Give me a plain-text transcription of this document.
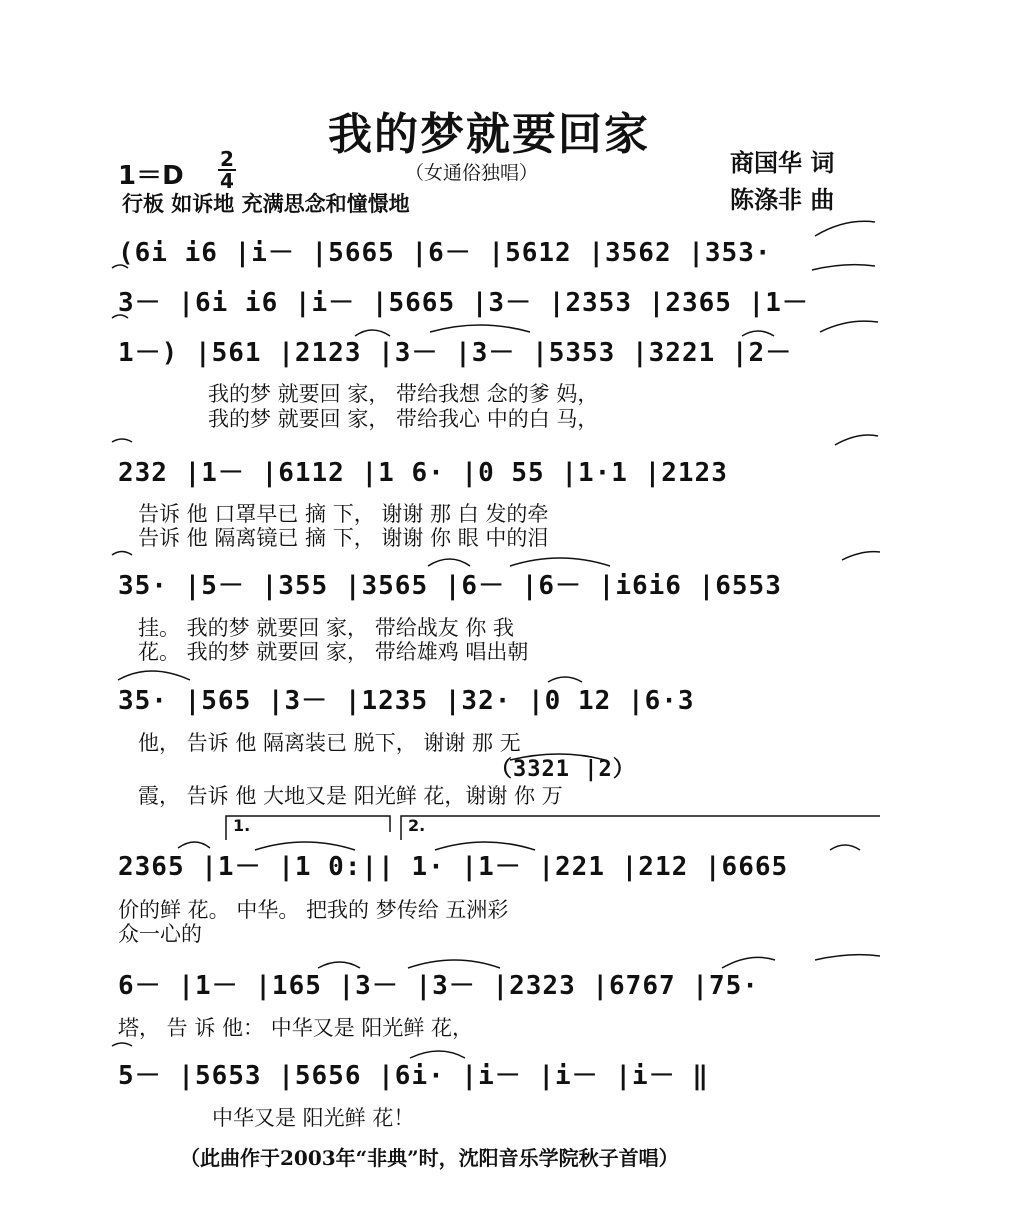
我的梦就要回家
（女通俗独唱）	商国华 词
陈涤非 曲
1＝D
2
4
行板 如诉地 充满思念和憧憬地
(6i i6 |i－ |5665 |6－ |5612 |3562 |353·
3－ |6i i6 |i－ |5665 |3－ |2353 |2365 |1－
1－) |561 |2123 |3－ |3－ |5353 |3221 |2－
我的梦 就要回 家， 带给我想 念的爹 妈，
我的梦 就要回 家， 带给我心 中的白 马，
232 |1－ |6112 |1 6· |0 55 |1·1 |2123
告诉 他 口罩早已 摘 下， 谢谢 那 白 发的牵
告诉 他 隔离镜已 摘 下， 谢谢 你 眼 中的泪
35· |5－ |355 |3565 |6－ |6－ |i6i6 |6553
挂。 我的梦 就要回 家， 带给战友 你 我
花。 我的梦 就要回 家， 带给雄鸡 唱出朝
35· |565 |3－ |1235 |32· |0 12 |6·3
他， 告诉 他 隔离装已 脱下， 谢谢 那 无
（3321 |2）
霞， 告诉 他 大地又是 阳光鲜 花，谢谢 你 万
1.	2.
2365 |1－ |1 0:|| 1· |1－ |221 |212 |6665
价的鲜 花。 中华。 把我的 梦传给 五洲彩
众一心的
6－ |1－ |165 |3－ |3－ |2323 |6767 |75·
塔， 告 诉 他： 中华又是 阳光鲜 花，
5－ |5653 |5656 |6i· |i－ |i－ |i－ ‖
中华又是 阳光鲜 花！
（此曲作于2003年“非典”时，沈阳音乐学院秋子首唱）
